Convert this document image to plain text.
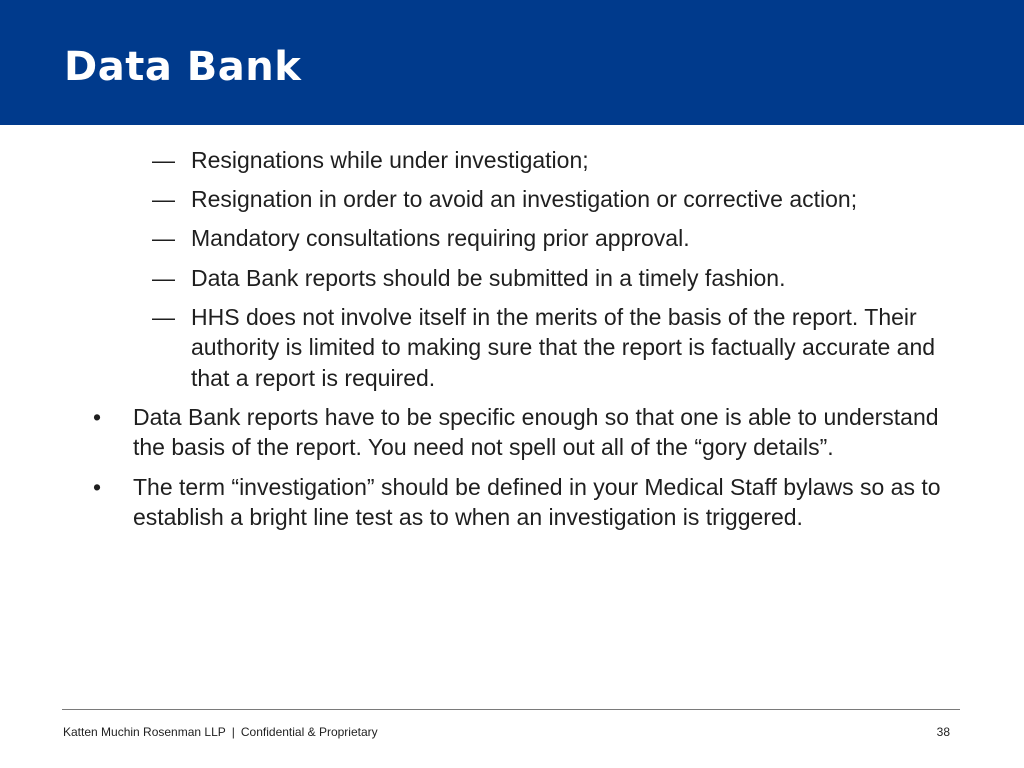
Data Bank
— Resignations while under investigation;
— Resignation in order to avoid an investigation or corrective action;
— Mandatory consultations requiring prior approval.
— Data Bank reports should be submitted in a timely fashion.
— HHS does not involve itself in the merits of the basis of the report. Their authority is limited to making sure that the report is factually accurate and that a report is required.
• Data Bank reports have to be specific enough so that one is able to understand the basis of the report. You need not spell out all of the “gory details”.
• The term “investigation” should be defined in your Medical Staff bylaws so as to establish a bright line test as to when an investigation is triggered.
Katten Muchin Rosenman LLP | Confidential & Proprietary	38
